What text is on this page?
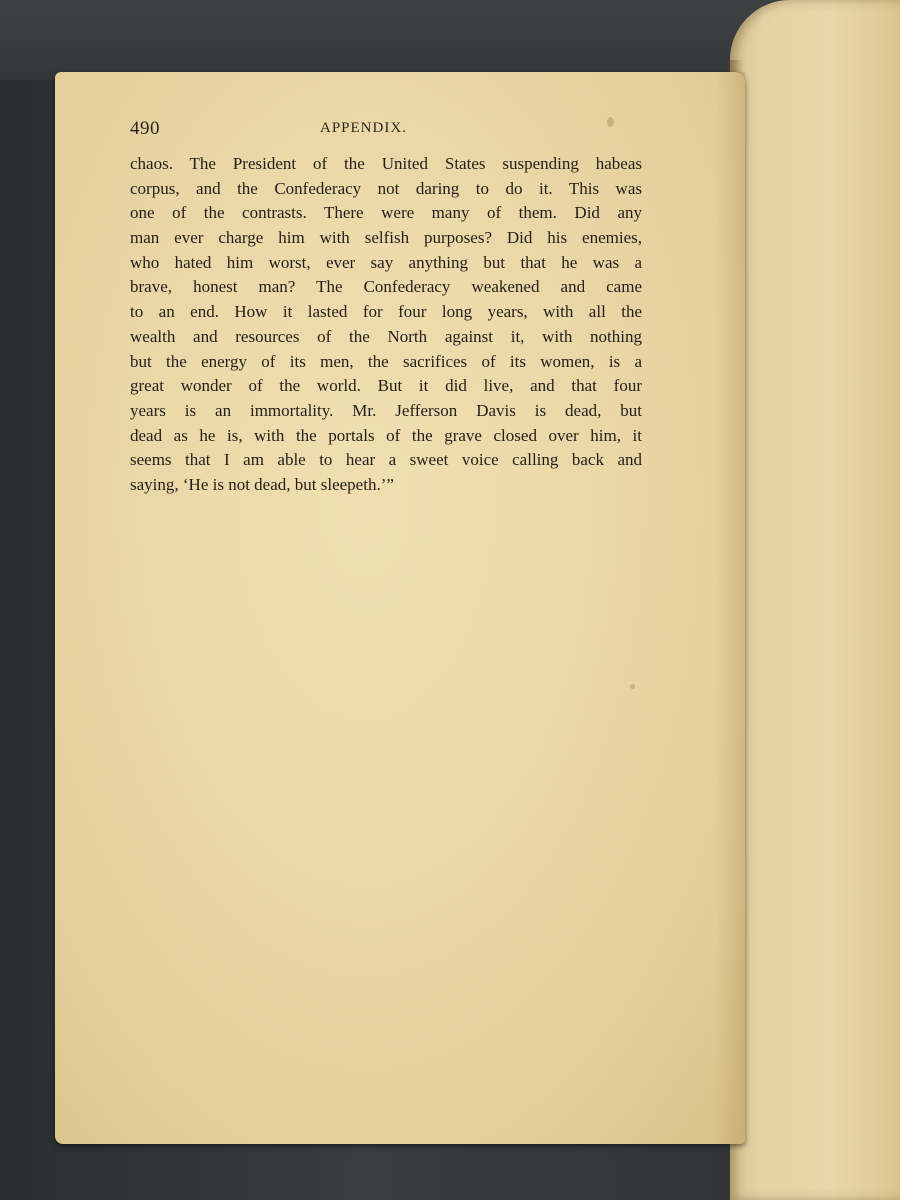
490	APPENDIX.
chaos. The President of the United States suspending habeas
corpus, and the Confederacy not daring to do it. This was
one of the contrasts. There were many of them. Did any
man ever charge him with selfish purposes? Did his enemies,
who hated him worst, ever say anything but that he was a
brave, honest man? The Confederacy weakened and came
to an end. How it lasted for four long years, with all the
wealth and resources of the North against it, with nothing
but the energy of its men, the sacrifices of its women, is a
great wonder of the world. But it did live, and that four
years is an immortality. Mr. Jefferson Davis is dead, but
dead as he is, with the portals of the grave closed over him, it
seems that I am able to hear a sweet voice calling back and
saying, ‘He is not dead, but sleepeth.’”
